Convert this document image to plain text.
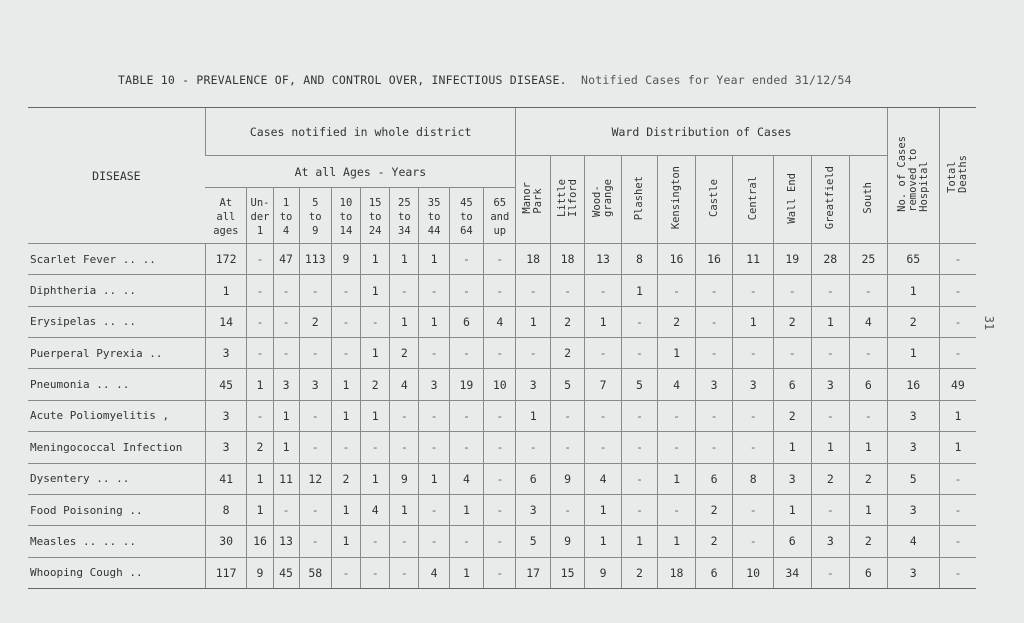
TABLE 10 - PREVALENCE OF, AND CONTROL OVER, INFECTIOUS DISEASE. Notified Cases for Year ended 31/12/54
31
DISEASE	Cases notified in whole district										Ward Distribution of Cases										No. of Cases
removed to
Hospital	Total
Deaths
	At all Ages - Years										Manor
Park	Little
Ilford	Wood-
grange	Plashet	Kensington	Castle	Central	Wall End	Greatfield	South		
	At
all
ages	Un-
der
1	1
to
4	5
to
9	10
to
14	15
to
24	25
to
34	35
to
44	45
to
64	65
and
up												
Scarlet Fever .. ..	172	-	47	113	9	1	1	1	-	-	18	18	13	8	16	16	11	19	28	25	65	-
Diphtheria .. ..	1	-	-	-	-	1	-	-	-	-	-	-	-	1	-	-	-	-	-	-	1	-
Erysipelas .. ..	14	-	-	2	-	-	1	1	6	4	1	2	1	-	2	-	1	2	1	4	2	-
Puerperal Pyrexia ..	3	-	-	-	-	1	2	-	-	-	-	2	-	-	1	-	-	-	-	-	1	-
Pneumonia .. ..	45	1	3	3	1	2	4	3	19	10	3	5	7	5	4	3	3	6	3	6	16	49
Acute Poliomyelitis ,	3	-	1	-	1	1	-	-	-	-	1	-	-	-	-	-	-	2	-	-	3	1
Meningococcal Infection	3	2	1	-	-	-	-	-	-	-	-	-	-	-	-	-	-	1	1	1	3	1
Dysentery .. ..	41	1	11	12	2	1	9	1	4	-	6	9	4	-	1	6	8	3	2	2	5	-
Food Poisoning ..	8	1	-	-	1	4	1	-	1	-	3	-	1	-	-	2	-	1	-	1	3	-
Measles .. .. ..	30	16	13	-	1	-	-	-	-	-	5	9	1	1	1	2	-	6	3	2	4	-
Whooping Cough ..	117	9	45	58	-	-	-	4	1	-	17	15	9	2	18	6	10	34	-	6	3	-
